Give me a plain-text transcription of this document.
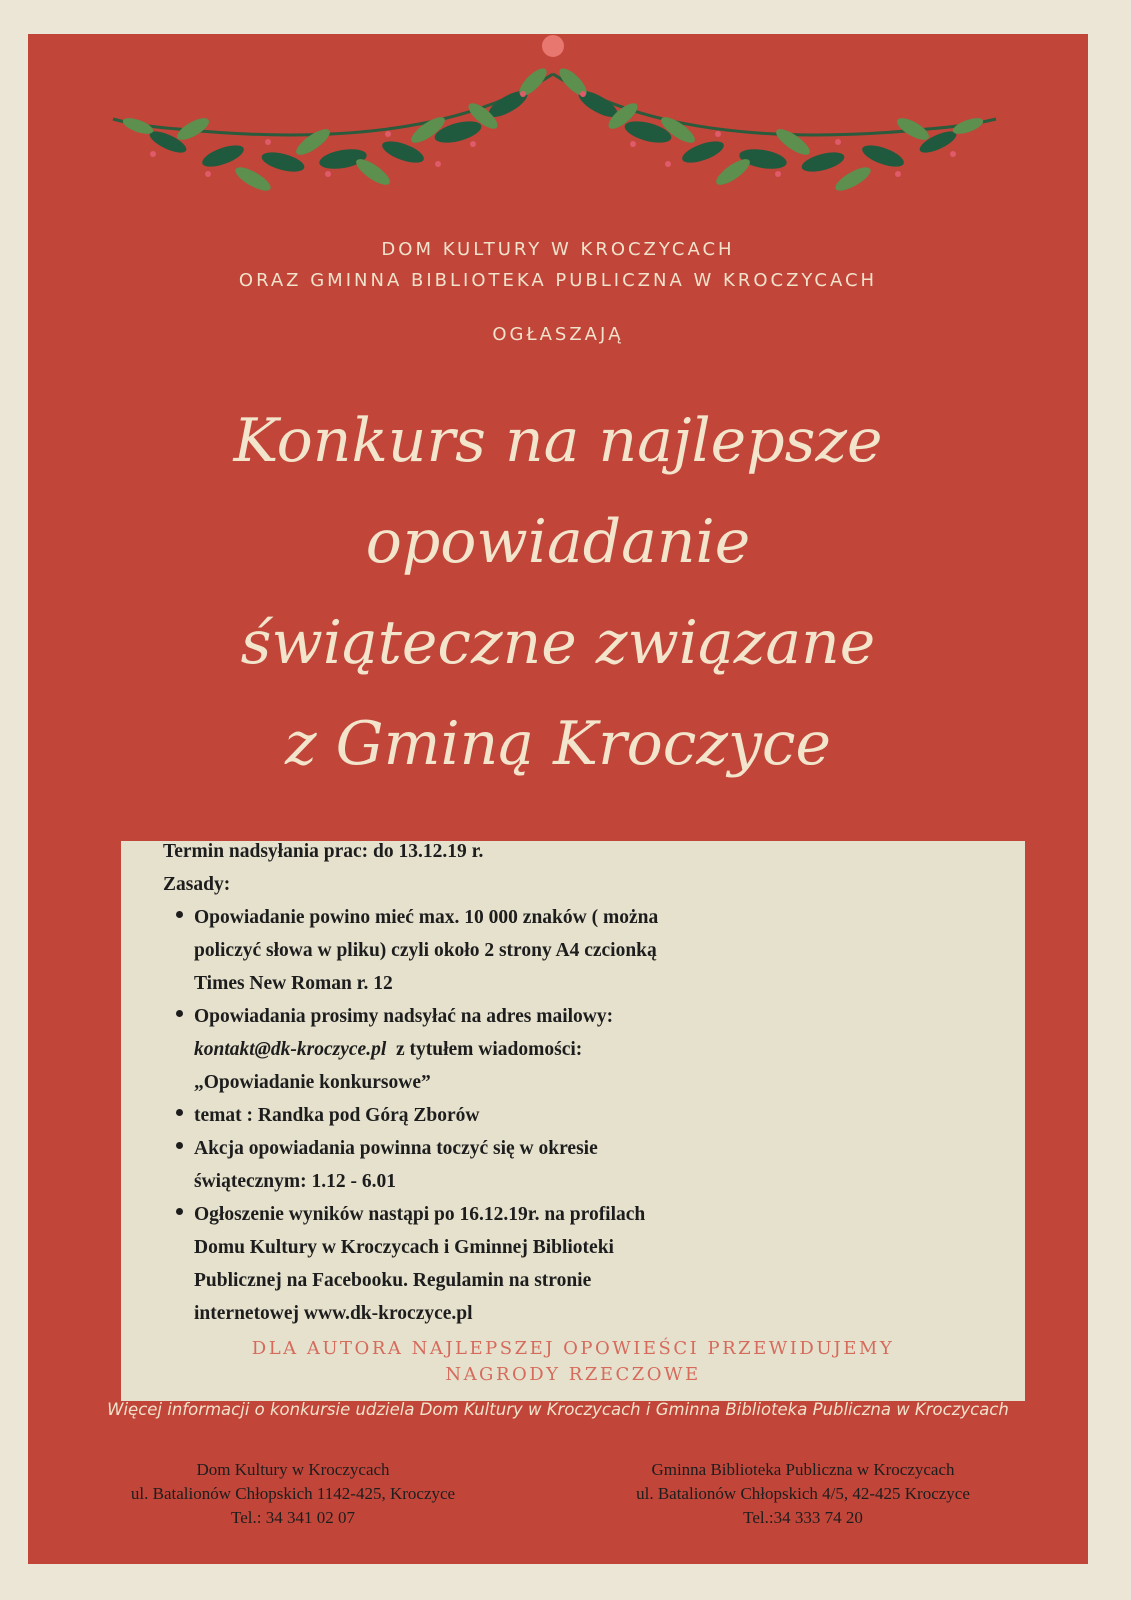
DOM KULTURY W KROCZYCACH
ORAZ GMINNA BIBLIOTEKA PUBLICZNA W KROCZYCACH
OGŁASZAJĄ
Konkurs na najlepsze
opowiadanie
świąteczne związane
z Gminą Kroczyce
Termin nadsyłania prac: do 13.12.19 r.
Zasady:
Opowiadanie powino mieć max. 10 000 znaków ( można
policzyć słowa w pliku) czyli około 2 strony A4 czcionką
Times New Roman r. 12
Opowiadania prosimy nadsyłać na adres mailowy:
kontakt@dk-kroczyce.pl  z tytułem wiadomości:
„Opowiadanie konkursowe”
temat : Randka pod Górą Zborów
Akcja opowiadania powinna toczyć się w okresie
świątecznym: 1.12 - 6.01
Ogłoszenie wyników nastąpi po 16.12.19r. na profilach
Domu Kultury w Kroczycach i Gminnej Biblioteki
Publicznej na Facebooku. Regulamin na stronie
internetowej www.dk-kroczyce.pl
DLA AUTORA NAJLEPSZEJ OPOWIEŚCI PRZEWIDUJEMY
NAGRODY RZECZOWE
Więcej informacji o konkursie udziela Dom Kultury w Kroczycach i Gminna Biblioteka Publiczna w Kroczycach
Dom Kultury w Kroczycach
ul. Batalionów Chłopskich 1142-425, Kroczyce
Tel.: 34 341 02 07
Gminna Biblioteka Publiczna w Kroczycach
ul. Batalionów Chłopskich 4/5, 42-425 Kroczyce
Tel.:34 333 74 20
